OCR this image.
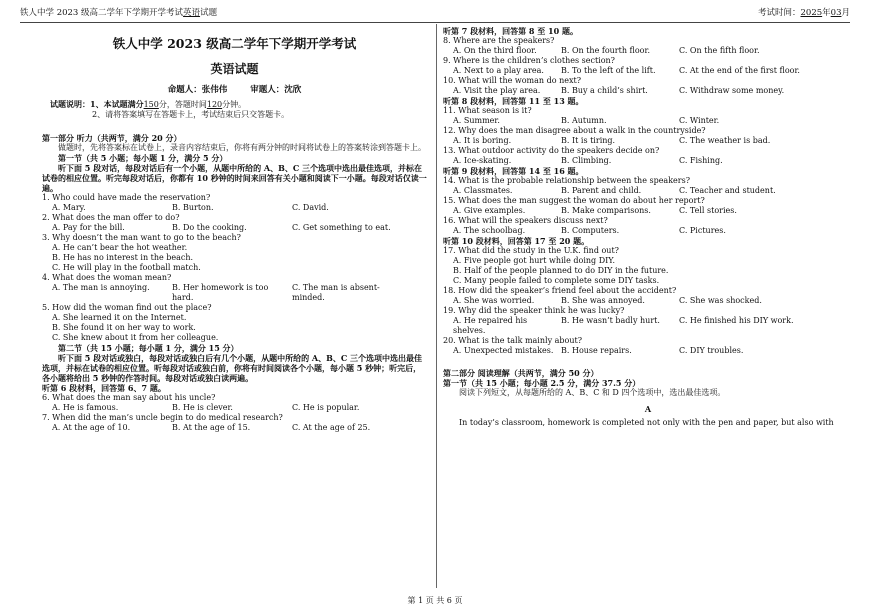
铁人中学 2023 级高二学年下学期开学考试英语试题	考试时间：2025年03月
铁人中学 2023 级高二学年下学期开学考试
英语试题
命题人：张伟伟	审题人：沈欣
试题说明：1、本试题满分150分，答题时间120分钟。
2、请将答案填写在答题卡上，考试结束后只交答题卡。
第一部分 听力（共两节，满分 20 分）

做题时，先将答案标在试卷上，录音内容结束后，你将有两分钟的时间将试卷上的答案转涂到答题卡上。

第一节（共 5 小题；每小题 1 分，满分 5 分）

听下面 5 段对话，每段对话后有一个小题，从题中所给的 A、B、C 三个选项中选出最佳选项，并标在试卷的相应位置。听完每段对话后，你都有 10 秒钟的时间来回答有关小题和阅读下一小题。每段对话仅读一遍。

1. Who could have made the reservation?

A. Mary.	B. Burton.	C. David.

2. What does the man offer to do?

A. Pay for the bill.	B. Do the cooking.	C. Get something to eat.

3. Why doesn’t the man want to go to the beach?

A. He can’t bear the hot weather.
B. He has no interest in the beach.
C. He will play in the football match.

4. What does the woman mean?

A. The man is annoying.	B. Her homework is too hard.
C. The man is absent-minded.

5. How did the woman find out the place?

A. She learned it on the Internet.
B. She found it on her way to work.
C. She knew about it from her colleague.
第二节（共 15 小题；每小题 1 分，满分 15 分）

听下面 5 段对话或独白，每段对话或独白后有几个小题，从题中所给的 A、B、C 三个选项中选出最佳选项，并标在试卷的相应位置。听每段对话或独白前，你将有时间阅读各个小题，每小题 5 秒钟；听完后，各小题将给出 5 秒钟的作答时间。每段对话或独白读两遍。

听第 6 段材料，回答第 6、7 题。

6. What does the man say about his uncle?

A. He is famous.	B. He is clever.	C. He is popular.

7. When did the man’s uncle begin to do medical research?

A. At the age of 10.	B. At the age of 15.	C. At the age of 25.
听第 7 段材料，回答第 8 至 10 题。

8. Where are the speakers?

A. On the third floor.	B. On the fourth floor.	C. On the fifth floor.

9. Where is the children’s clothes section?

A. Next to a play area.	B. To the left of the lift.	C. At the end of the first floor.

10. What will the woman do next?

A. Visit the play area.	B. Buy a child’s shirt.	C. Withdraw some money.
听第 8 段材料，回答第 11 至 13 题。

11. What season is it?

A. Summer.	B. Autumn.	C. Winter.

12. Why does the man disagree about a walk in the countryside?

A. It is boring.	B. It is tiring.	C. The weather is bad.

13. What outdoor activity do the speakers decide on?

A. Ice-skating.	B. Climbing.	C. Fishing.
听第 9 段材料，回答第 14 至 16 题。

14. What is the probable relationship between the speakers?

A. Classmates.	B. Parent and child.	C. Teacher and student.

15. What does the man suggest the woman do about her report?

A. Give examples.	B. Make comparisons.	C. Tell stories.

16. What will the speakers discuss next?

A. The schoolbag.	B. Computers.	C. Pictures.
听第 10 段材料，回答第 17 至 20 题。

17. What did the study in the U.K. find out?

A. Five people got hurt while doing DIY.
B. Half of the people planned to do DIY in the future.
C. Many people failed to complete some DIY tasks.

18. How did the speaker’s friend feel about the accident?

A. She was worried.	B. She was annoyed.	C. She was shocked.

19. Why did the speaker think he was lucky?

A. He repaired his shelves.
B. He wasn’t badly hurt.	C. He finished his DIY work.

20. What is the talk mainly about?

A. Unexpected mistakes. B. House repairs.	C. DIY troubles.
第二部分 阅读理解（共两节，满分 50 分）
第一节（共 15 小题；每小题 2.5 分，满分 37.5 分）

阅读下列短文，从每题所给的 A、B、C 和 D 四个选项中，选出最佳选项。

A

In today’s classroom, homework is completed not only with the pen and paper, but also with

第 1 页 共 6 页
